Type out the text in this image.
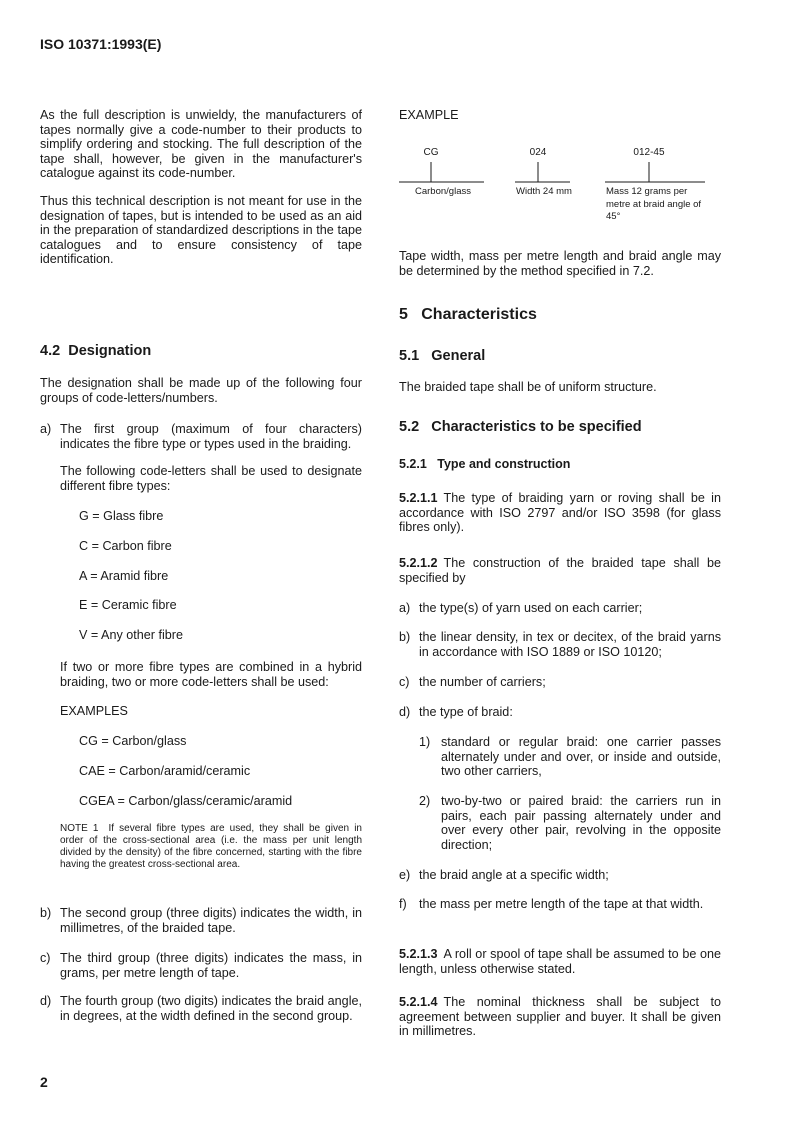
ISO 10371:1993(E)

As the full description is unwieldy, the manufacturers of tapes normally give a code-number to their products to simplify ordering and stocking. The full description of the tape shall, however, be given in the manufacturer's catalogue against its code-number.

Thus this technical description is not meant for use in the designation of tapes, but is intended to be used as an aid in the preparation of standardized descriptions in the tape catalogues and to ensure consistency of tape identification.

4.2 Designation

The designation shall be made up of the following four groups of code-letters/numbers.

a) The first group (maximum of four characters) indicates the fibre type or types used in the braiding.

The following code-letters shall be used to designate different fibre types:

G = Glass fibre
C = Carbon fibre
A = Aramid fibre
E = Ceramic fibre
V = Any other fibre

If two or more fibre types are combined in a hybrid braiding, two or more code-letters shall be used:

EXAMPLES
CG = Carbon/glass
CAE = Carbon/aramid/ceramic
CGEA = Carbon/glass/ceramic/aramid

NOTE 1 If several fibre types are used, they shall be given in order of the cross-sectional area (i.e. the mass per unit length divided by the density) of the fibre concerned, starting with the fibre having the greatest cross-sectional area.

b) The second group (three digits) indicates the width, in millimetres, of the braided tape.
c) The third group (three digits) indicates the mass, in grams, per metre length of tape.
d) The fourth group (two digits) indicates the braid angle, in degrees, at the width defined in the second group.
EXAMPLE
CG	024	012-45
Carbon/glass	Width 24 mm	Mass 12 grams per metre at braid angle of 45°

Tape width, mass per metre length and braid angle may be determined by the method specified in 7.2.

5 Characteristics
5.1 General

The braided tape shall be of uniform structure.

5.2 Characteristics to be specified
5.2.1 Type and construction

5.2.1.1 The type of braiding yarn or roving shall be in accordance with ISO 2797 and/or ISO 3598 (for glass fibres only).

5.2.1.2 The construction of the braided tape shall be specified by

a) the type(s) of yarn used on each carrier;
b) the linear density, in tex or decitex, of the braid yarns in accordance with ISO 1889 or ISO 10120;
c) the number of carriers;
d) the type of braid:
1) standard or regular braid: one carrier passes alternately under and over, or inside and outside, two other carriers,
2) two-by-two or paired braid: the carriers run in pairs, each pair passing alternately under and over every other pair, revolving in the opposite direction;
e) the braid angle at a specific width;
f) the mass per metre length of the tape at that width.

5.2.1.3 A roll or spool of tape shall be assumed to be one length, unless otherwise stated.

5.2.1.4 The nominal thickness shall be subject to agreement between supplier and buyer. It shall be given in millimetres.

2
